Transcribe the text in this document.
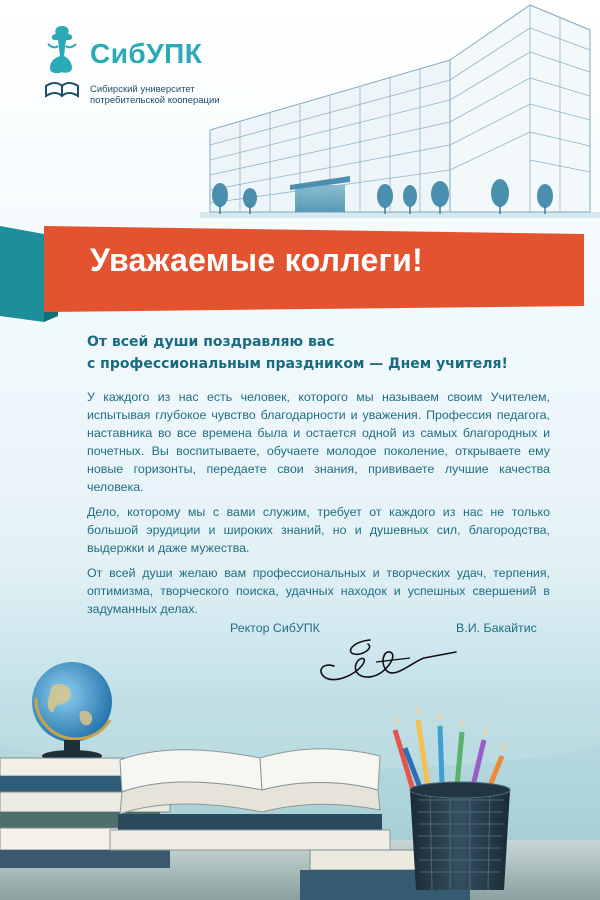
СибУПК
Сибирский университет
потребительской кооперации
Уважаемые коллеги!
От всей души поздравляю вас
с профессиональным праздником — Днем учителя!

У каждого из нас есть человек, которого мы называем своим Учителем, испытывая глубокое чувство благодарности и уважения. Профессия педагога, наставника во все времена была и остается одной из самых благородных и почетных. Вы воспитываете, обучаете молодое поколение, открываете ему новые горизонты, передаете свои знания, прививаете лучшие качества человека.

Дело, которому мы с вами служим, требует от каждого из нас не только большой эрудиции и широких знаний, но и душевных сил, благородства, выдержки и даже мужества.

От всей души желаю вам профессиональных и творческих удач, терпения, оптимизма, творческого поиска, удачных находок и успешных свершений в задуманных делах.

Ректор СибУПК	В.И. Бакайтис
